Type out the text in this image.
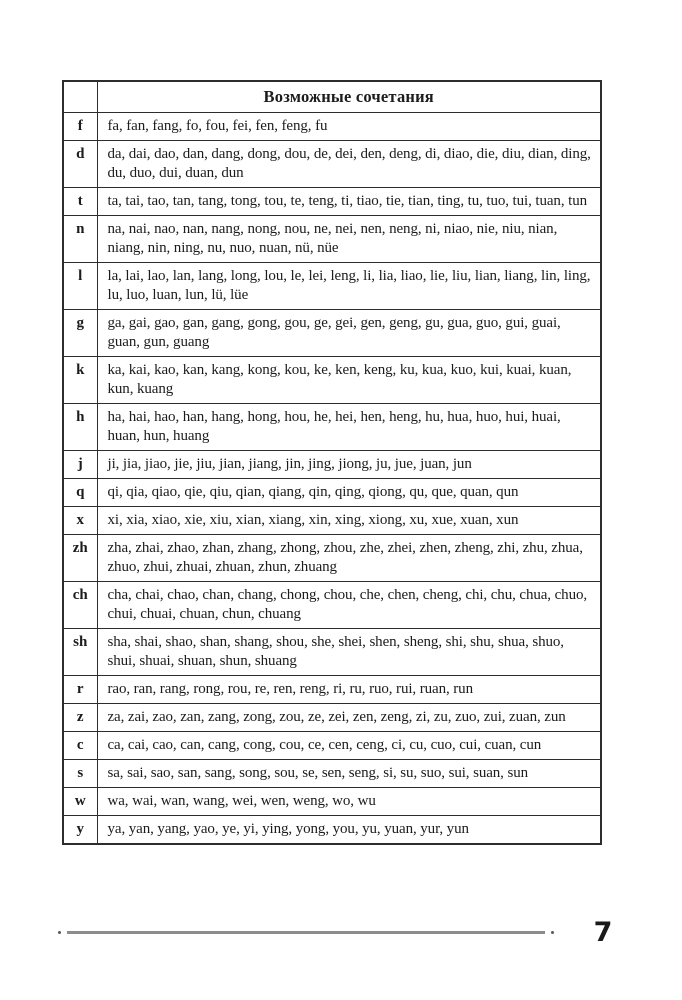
	Возможные сочетания
f	fa, fan, fang, fo, fou, fei, fen, feng, fu
d	da, dai, dao, dan, dang, dong, dou, de, dei, den, deng, di, diao, die, diu, dian, ding, du, duo, dui, duan, dun
t	ta, tai, tao, tan, tang, tong, tou, te, teng, ti, tiao, tie, tian, ting, tu, tuo, tui, tuan, tun
n	na, nai, nao, nan, nang, nong, nou, ne, nei, nen, neng, ni, niao, nie, niu, nian, niang, nin, ning, nu, nuo, nuan, nü, nüe
l	la, lai, lao, lan, lang, long, lou, le, lei, leng, li, lia, liao, lie, liu, lian, liang, lin, ling, lu, luo, luan, lun, lü, lüe
g	ga, gai, gao, gan, gang, gong, gou, ge, gei, gen, geng, gu, gua, guo, gui, guai, guan, gun, guang
k	ka, kai, kao, kan, kang, kong, kou, ke, ken, keng, ku, kua, kuo, kui, kuai, kuan, kun, kuang
h	ha, hai, hao, han, hang, hong, hou, he, hei, hen, heng, hu, hua, huo, hui, huai, huan, hun, huang
j	ji, jia, jiao, jie, jiu, jian, jiang, jin, jing, jiong, ju, jue, juan, jun
q	qi, qia, qiao, qie, qiu, qian, qiang, qin, qing, qiong, qu, que, quan, qun
x	xi, xia, xiao, xie, xiu, xian, xiang, xin, xing, xiong, xu, xue, xuan, xun
zh	zha, zhai, zhao, zhan, zhang, zhong, zhou, zhe, zhei, zhen, zheng, zhi, zhu, zhua, zhuo, zhui, zhuai, zhuan, zhun, zhuang
ch	cha, chai, chao, chan, chang, chong, chou, che, chen, cheng, chi, chu, chua, chuo, chui, chuai, chuan, chun, chuang
sh	sha, shai, shao, shan, shang, shou, she, shei, shen, sheng, shi, shu, shua, shuo, shui, shuai, shuan, shun, shuang
r	rao, ran, rang, rong, rou, re, ren, reng, ri, ru, ruo, rui, ruan, run
z	za, zai, zao, zan, zang, zong, zou, ze, zei, zen, zeng, zi, zu, zuo, zui, zuan, zun
c	ca, cai, cao, can, cang, cong, cou, ce, cen, ceng, ci, cu, cuo, cui, cuan, cun
s	sa, sai, sao, san, sang, song, sou, se, sen, seng, si, su, suo, sui, suan, sun
w	wa, wai, wan, wang, wei, wen, weng, wo, wu
y	ya, yan, yang, yao, ye, yi, ying, yong, you, yu, yuan, yur, yun
7
